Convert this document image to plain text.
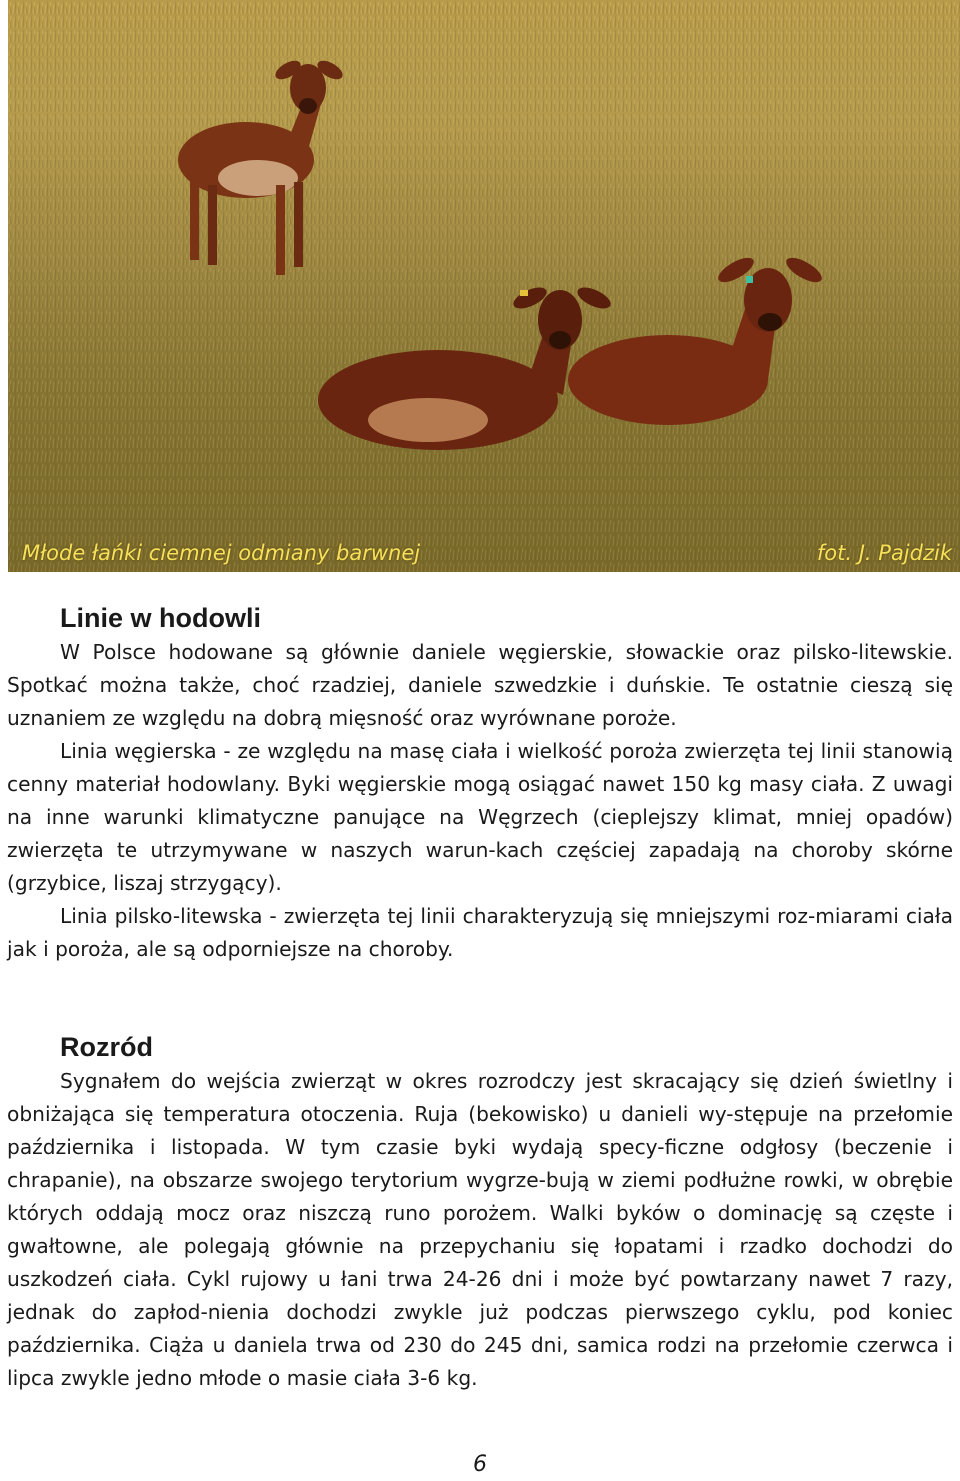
Młode łańki ciemnej odmiany barwnej	fot. J. Pajdzik
Linie w hodowli

W Polsce hodowane są głównie daniele węgierskie, słowackie oraz pilsko-litewskie. Spotkać można także, choć rzadziej, daniele szwedzkie i duńskie. Te ostatnie cieszą się uznaniem ze względu na dobrą mięsność oraz wyrównane poroże.

Linia węgierska - ze względu na masę ciała i wielkość poroża zwierzęta tej linii stanowią cenny materiał hodowlany. Byki węgierskie mogą osiągać nawet 150 kg masy ciała. Z uwagi na inne warunki klimatyczne panujące na Węgrzech (cieplejszy klimat, mniej opadów) zwierzęta te utrzymywane w naszych warun-kach częściej zapadają na choroby skórne (grzybice, liszaj strzygący).

Linia pilsko-litewska - zwierzęta tej linii charakteryzują się mniejszymi roz-miarami ciała jak i poroża, ale są odporniejsze na choroby.

Rozród

Sygnałem do wejścia zwierząt w okres rozrodczy jest skracający się dzień świetlny i obniżająca się temperatura otoczenia. Ruja (bekowisko) u danieli wy-stępuje na przełomie października i listopada. W tym czasie byki wydają specy-ficzne odgłosy (beczenie i chrapanie), na obszarze swojego terytorium wygrze-bują w ziemi podłużne rowki, w obrębie których oddają mocz oraz niszczą runo porożem. Walki byków o dominację są częste i gwałtowne, ale polegają głównie na przepychaniu się łopatami i rzadko dochodzi do uszkodzeń ciała. Cykl rujowy u łani trwa 24-26 dni i może być powtarzany nawet 7 razy, jednak do zapłod-nienia dochodzi zwykle już podczas pierwszego cyklu, pod koniec października. Ciąża u daniela trwa od 230 do 245 dni, samica rodzi na przełomie czerwca i lipca zwykle jedno młode o masie ciała 3-6 kg.

6
